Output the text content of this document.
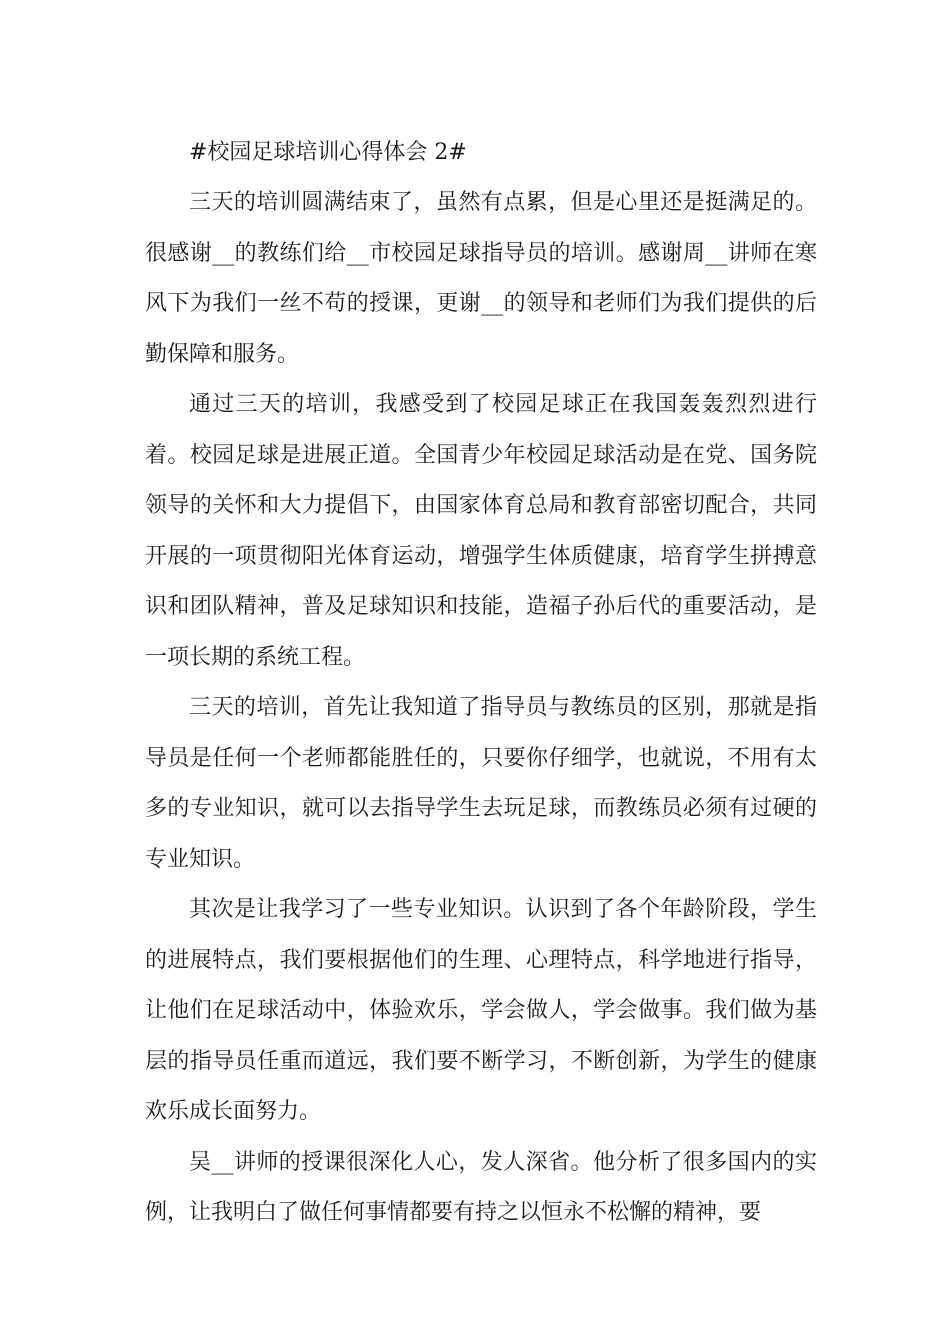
#校园足球培训心得体会 2#

三天的培训圆满结束了，虽然有点累，但是心里还是挺满足的。很感谢__的教练们给__市校园足球指导员的培训。感谢周__讲师在寒风下为我们一丝不苟的授课，更谢__的领导和老师们为我们提供的后勤保障和服务。

通过三天的培训，我感受到了校园足球正在我国轰轰烈烈进行着。校园足球是进展正道。全国青少年校园足球活动是在党、国务院领导的关怀和大力提倡下，由国家体育总局和教育部密切配合，共同开展的一项贯彻阳光体育运动，增强学生体质健康，培育学生拼搏意识和团队精神，普及足球知识和技能，造福子孙后代的重要活动，是一项长期的系统工程。

三天的培训，首先让我知道了指导员与教练员的区别，那就是指导员是任何一个老师都能胜任的，只要你仔细学，也就说，不用有太多的专业知识，就可以去指导学生去玩足球，而教练员必须有过硬的专业知识。

其次是让我学习了一些专业知识。认识到了各个年龄阶段，学生的进展特点，我们要根据他们的生理、心理特点，科学地进行指导，让他们在足球活动中，体验欢乐，学会做人，学会做事。我们做为基层的指导员任重而道远，我们要不断学习，不断创新，为学生的健康欢乐成长面努力。

吴__讲师的授课很深化人心，发人深省。他分析了很多国内的实例，让我明白了做任何事情都要有持之以恒永不松懈的精神，要
